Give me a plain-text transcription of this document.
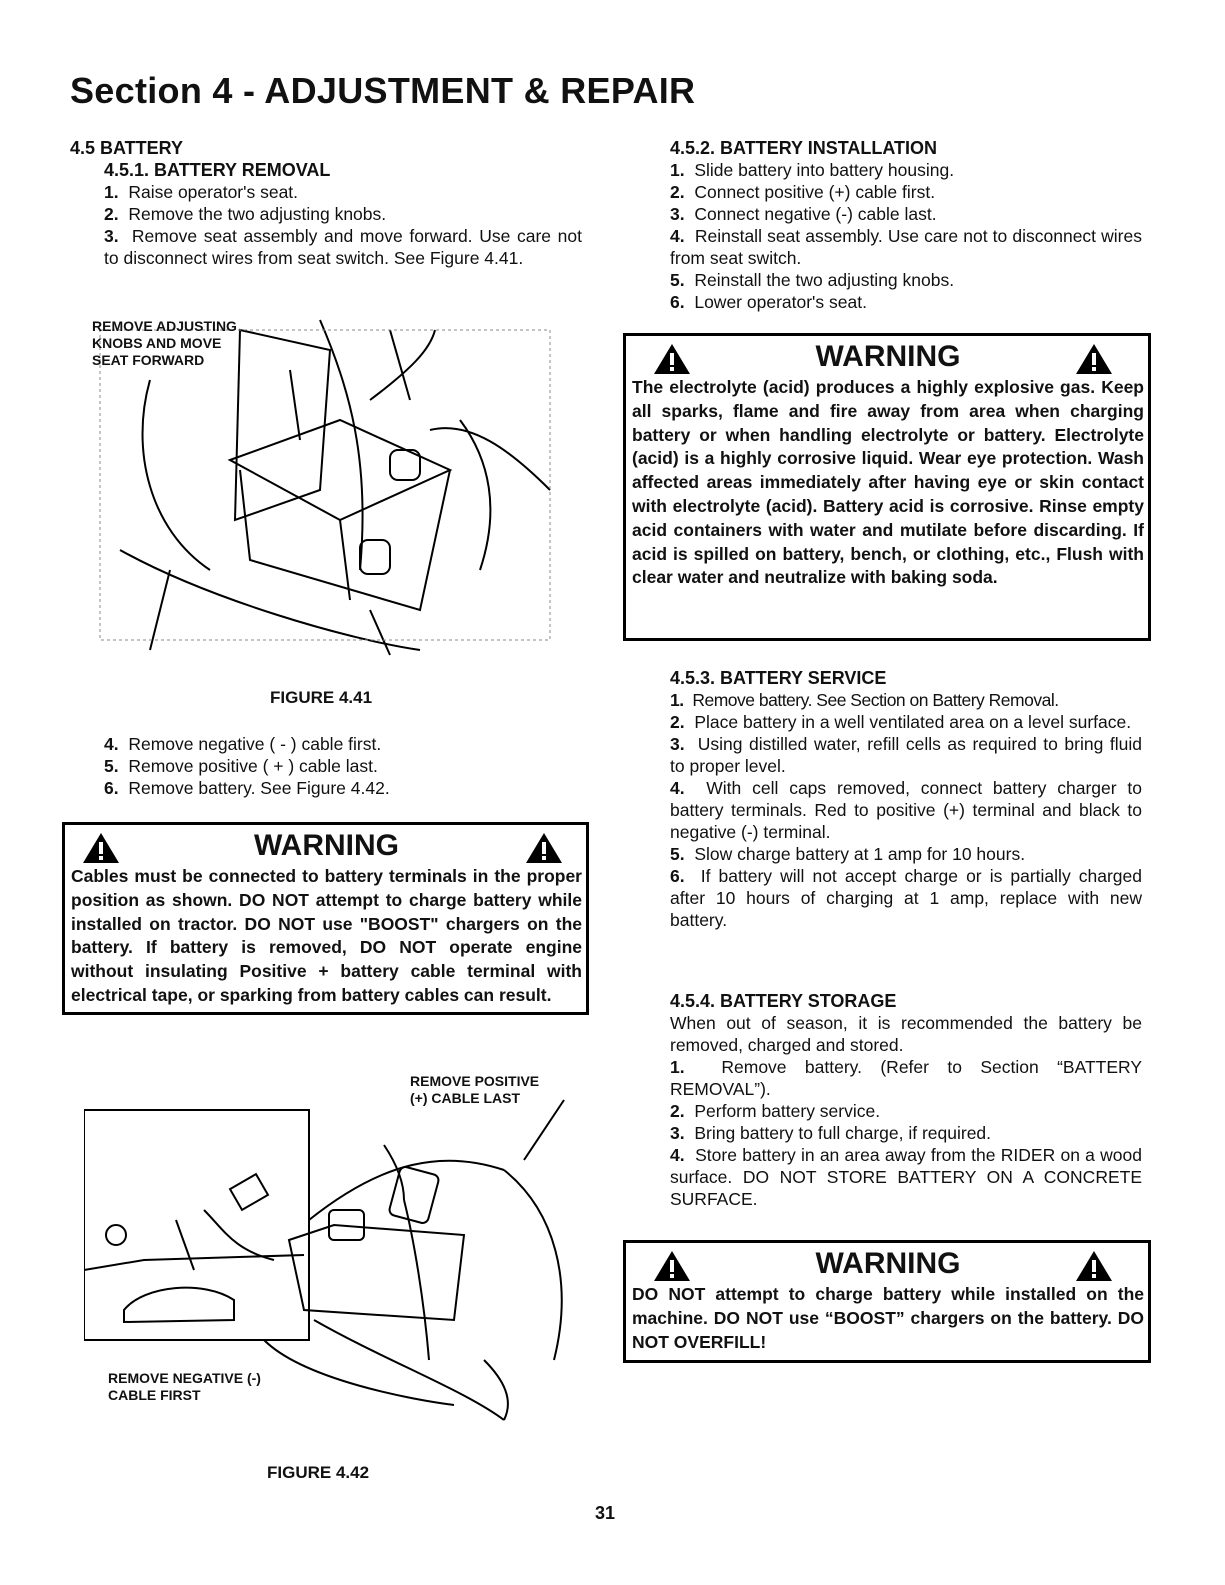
Section 4 - ADJUSTMENT & REPAIR
4.5 BATTERY
4.5.1. BATTERY REMOVAL
1. Raise operator's seat.
2. Remove the two adjusting knobs.
3. Remove seat assembly and move forward. Use care not to disconnect wires from seat switch. See Figure 4.41.
REMOVE ADJUSTING
KNOBS AND MOVE
SEAT FORWARD
FIGURE 4.41
4. Remove negative ( - ) cable first.
5. Remove positive ( + ) cable last.
6. Remove battery. See Figure 4.42.
WARNING
Cables must be connected to battery terminals in the proper position as shown. DO NOT attempt to charge battery while installed on tractor. DO NOT use "BOOST" chargers on the battery. If battery is removed, DO NOT operate engine without insulating Positive + battery cable terminal with electrical tape, or sparking from battery cables can result.
REMOVE POSITIVE
(+) CABLE LAST
REMOVE NEGATIVE (-)
CABLE FIRST
FIGURE 4.42
4.5.2. BATTERY INSTALLATION
1. Slide battery into battery housing.
2. Connect positive (+) cable first.
3. Connect negative (-) cable last.
4. Reinstall seat assembly. Use care not to disconnect wires from seat switch.
5. Reinstall the two adjusting knobs.
6. Lower operator's seat.
WARNING
The electrolyte (acid) produces a highly explosive gas. Keep all sparks, flame and fire away from area when charging battery or when handling electrolyte or battery. Electrolyte (acid) is a highly corrosive liquid. Wear eye protection. Wash affected areas immediately after having eye or skin contact with electrolyte (acid). Battery acid is corrosive. Rinse empty acid containers with water and mutilate before discarding. If acid is spilled on battery, bench, or clothing, etc., Flush with clear water and neutralize with baking soda.
4.5.3. BATTERY SERVICE
1. Remove battery. See Section on Battery Removal.
2. Place battery in a well ventilated area on a level surface.
3. Using distilled water, refill cells as required to bring fluid to proper level.
4. With cell caps removed, connect battery charger to battery terminals. Red to positive (+) terminal and black to negative (-) terminal.
5. Slow charge battery at 1 amp for 10 hours.
6. If battery will not accept charge or is partially charged after 10 hours of charging at 1 amp, replace with new battery.
4.5.4. BATTERY STORAGE
When out of season, it is recommended the battery be removed, charged and stored.
1. Remove battery. (Refer to Section “BATTERY REMOVAL”).
2. Perform battery service.
3. Bring battery to full charge, if required.
4. Store battery in an area away from the RIDER on a wood surface. DO NOT STORE BATTERY ON A CONCRETE SURFACE.
WARNING
DO NOT attempt to charge battery while installed on the machine. DO NOT use “BOOST” chargers on the battery. DO NOT OVERFILL!
31
